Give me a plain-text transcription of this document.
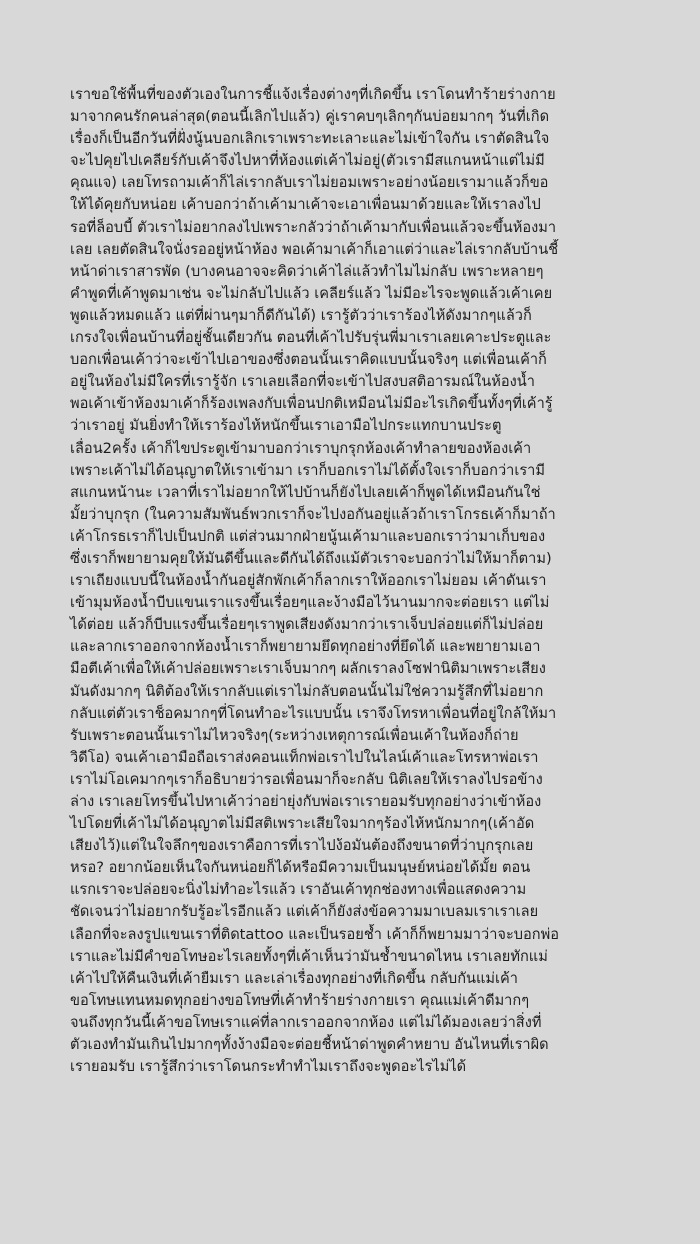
เราขอใช้พื้นที่ของตัวเองในการชี้แจ้งเรื่องต่างๆที่เกิดขึ้น เราโดนทำร้ายร่างกาย
มาจากคนรักคนล่าสุด(ตอนนี้เลิกไปแล้ว) คู่เราคบๆเลิกๆกันบ่อยมากๆ วันที่เกิด
เรื่องก็เป็นอีกวันที่ฝั่งนู้นบอกเลิกเราเพราะทะเลาะและไม่เข้าใจกัน เราตัดสินใจ
จะไปคุยไปเคลียร์กับเค้าจึงไปหาที่ห้องแต่เค้าไม่อยู่(ตัวเรามีสแกนหน้าแต่ไม่มี
คุณแจ) เลยโทรถามเค้าก็ไล่เรากลับเราไม่ยอมเพราะอย่างน้อยเรามาแล้วก็ขอ
ให้ได้คุยกับหน่อย เค้าบอกว่าถ้าเค้ามาเค้าจะเอาเพื่อนมาด้วยและให้เราลงไป
รอที่ล็อบบี้ ตัวเราไม่อยากลงไปเพราะกลัวว่าถ้าเค้ามากับเพื่อนแล้วจะขึ้นห้องมา
เลย เลยตัดสินใจนั่งรออยู่หน้าห้อง พอเค้ามาเค้าก็เอาแต่ว่าและไล่เรากลับบ้านชี้
หน้าด่าเราสารพัด (บางคนอาจจะคิดว่าเค้าไล่แล้วทำไมไม่กลับ เพราะหลายๆ
คำพูดที่เค้าพูดมาเช่น จะไม่กลับไปแล้ว เคลียร์แล้ว ไม่มีอะไรจะพูดแล้วเค้าเคย
พูดแล้วหมดแล้ว แต่ที่ผ่านๆมาก็ดีกันได้) เรารู้ตัวว่าเราร้องไห้ดังมากๆแล้วก็
เกรงใจเพื่อนบ้านที่อยู่ชั้นเดียวกัน ตอนที่เค้าไปรับรุ่นพี่มาเราเลยเคาะประตูและ
บอกเพื่อนเค้าว่าจะเข้าไปเอาของซึ่งตอนนั้นเราคิดแบบนั้นจริงๆ แต่เพื่อนเค้าก็
อยู่ในห้องไม่มีใครที่เรารู้จัก เราเลยเลือกที่จะเข้าไปสงบสติอารมณ์ในห้องน้ำ
พอเค้าเข้าห้องมาเค้าก็ร้องเพลงกับเพื่อนปกติเหมือนไม่มีอะไรเกิดขึ้นทั้งๆที่เค้ารู้
ว่าเราอยู่ มันยิ่งทำให้เราร้องไห้หนักขึ้นเราเอามือไปกระแทกบานประตู
เลื่อน2ครั้ง เค้าก็ไขประตูเข้ามาบอกว่าเราบุกรุกห้องเค้าทำลายของห้องเค้า
เพราะเค้าไม่ได้อนุญาตให้เราเข้ามา เราก็บอกเราไม่ได้ตั้งใจเราก็บอกว่าเรามี
สแกนหน้านะ เวลาที่เราไม่อยากให้ไปบ้านก็ยังไปเลยเค้าก็พูดได้เหมือนกันใช่
มั้ยว่าบุกรุก (ในความสัมพันธ์พวกเราก็จะไปงอกันอยู่แล้วถ้าเราโกรธเค้าก็มาถ้า
เค้าโกรธเราก็ไปเป็นปกติ แต่ส่วนมากฝ่ายนู้นเค้ามาและบอกเราว่ามาเก็บของ
ซึ่งเราก็พยายามคุยให้มันดีขึ้นและดีกันได้ถึงแม้ตัวเราจะบอกว่าไม่ให้มาก็ตาม)
เราเถียงแบบนี้ในห้องน้ำกันอยู่สักพักเค้าก็ลากเราให้ออกเราไม่ยอม เค้าดันเรา
เข้ามุมห้องน้ำบีบแขนเราแรงขึ้นเรื่อยๆและง้างมือไว้นานมากจะต่อยเรา แต่ไม่
ได้ต่อย แล้วก็บีบแรงขึ้นเรื่อยๆเราพูดเสียงดังมากว่าเราเจ็บปล่อยแต่ก็ไม่ปล่อย
และลากเราออกจากห้องน้ำเราก็พยายามยึดทุกอย่างที่ยึดได้ และพยายามเอา
มือตีเค้าเพื่อให้เค้าปล่อยเพราะเราเจ็บมากๆ ผลักเราลงโซฟานิติมาเพราะเสียง
มันดังมากๆ นิติต้องให้เรากลับแต่เราไม่กลับตอนนั้นไม่ใช่ความรู้สึกที่ไม่อยาก
กลับแต่ตัวเราช็อคมากๆที่โดนทำอะไรแบบนั้น เราจึงโทรหาเพื่อนที่อยู่ใกล้ให้มา
รับเพราะตอนนั้นเราไม่ไหวจริงๆ(ระหว่างเหตุการณ์เพื่อนเค้าในห้องก็ถ่าย
วิดีโอ) จนเค้าเอามือถือเราส่งคอนแท็กพ่อเราไปในไลน์เค้าและโทรหาพ่อเรา
เราไม่โอเคมากๆเราก็อธิบายว่ารอเพื่อนมาก็จะกลับ นิติเลยให้เราลงไปรอข้าง
ล่าง เราเลยโทรขึ้นไปหาเค้าว่าอย่ายุ่งกับพ่อเราเรายอมรับทุกอย่างว่าเข้าห้อง
ไปโดยที่เค้าไม่ได้อนุญาตไม่มีสติเพราะเสียใจมากๆร้องไห้หนักมากๆ(เค้าอัด
เสียงไว้)แต่ในใจลึกๆของเราคือการที่เราไปง้อมันต้องถึงขนาดที่ว่าบุกรุกเลย
หรอ? อยากน้อยเห็นใจกันหน่อยก็ได้หรือมีความเป็นมนุษย์หน่อยได้มั้ย ตอน
แรกเราจะปล่อยจะนิ่งไม่ทำอะไรแล้ว เราอันเค้าทุกช่องทางเพื่อแสดงความ
ชัดเจนว่าไม่อยากรับรู้อะไรอีกแล้ว แต่เค้าก็ยังส่งข้อความมาเบลมเราเราเลย
เลือกที่จะลงรูปแขนเราที่ติดtattoo และเป็นรอยช้ำ เค้าก็ก็พยามมาว่าจะบอกพ่อ
เราและไม่มีคำขอโทษอะไรเลยทั้งๆที่เค้าเห็นว่ามันช้ำขนาดไหน เราเลยทักแม่
เค้าไปให้คืนเงินที่เค้ายืมเรา และเล่าเรื่องทุกอย่างที่เกิดขึ้น กลับกันแม่เค้า
ขอโทษแทนหมดทุกอย่างขอโทษที่เค้าทำร้ายร่างกายเรา คุณแม่เค้าดีมากๆ
จนถึงทุกวันนี้เค้าขอโทษเราแค่ที่ลากเราออกจากห้อง แต่ไม่ได้มองเลยว่าสิ่งที่
ตัวเองทำมันเกินไปมากๆทั้งง้างมือจะต่อยชี้หน้าด่าพูดคำหยาบ อันไหนที่เราผิด
เรายอมรับ เรารู้สึกว่าเราโดนกระทำทำไมเราถึงจะพูดอะไรไม่ได้
